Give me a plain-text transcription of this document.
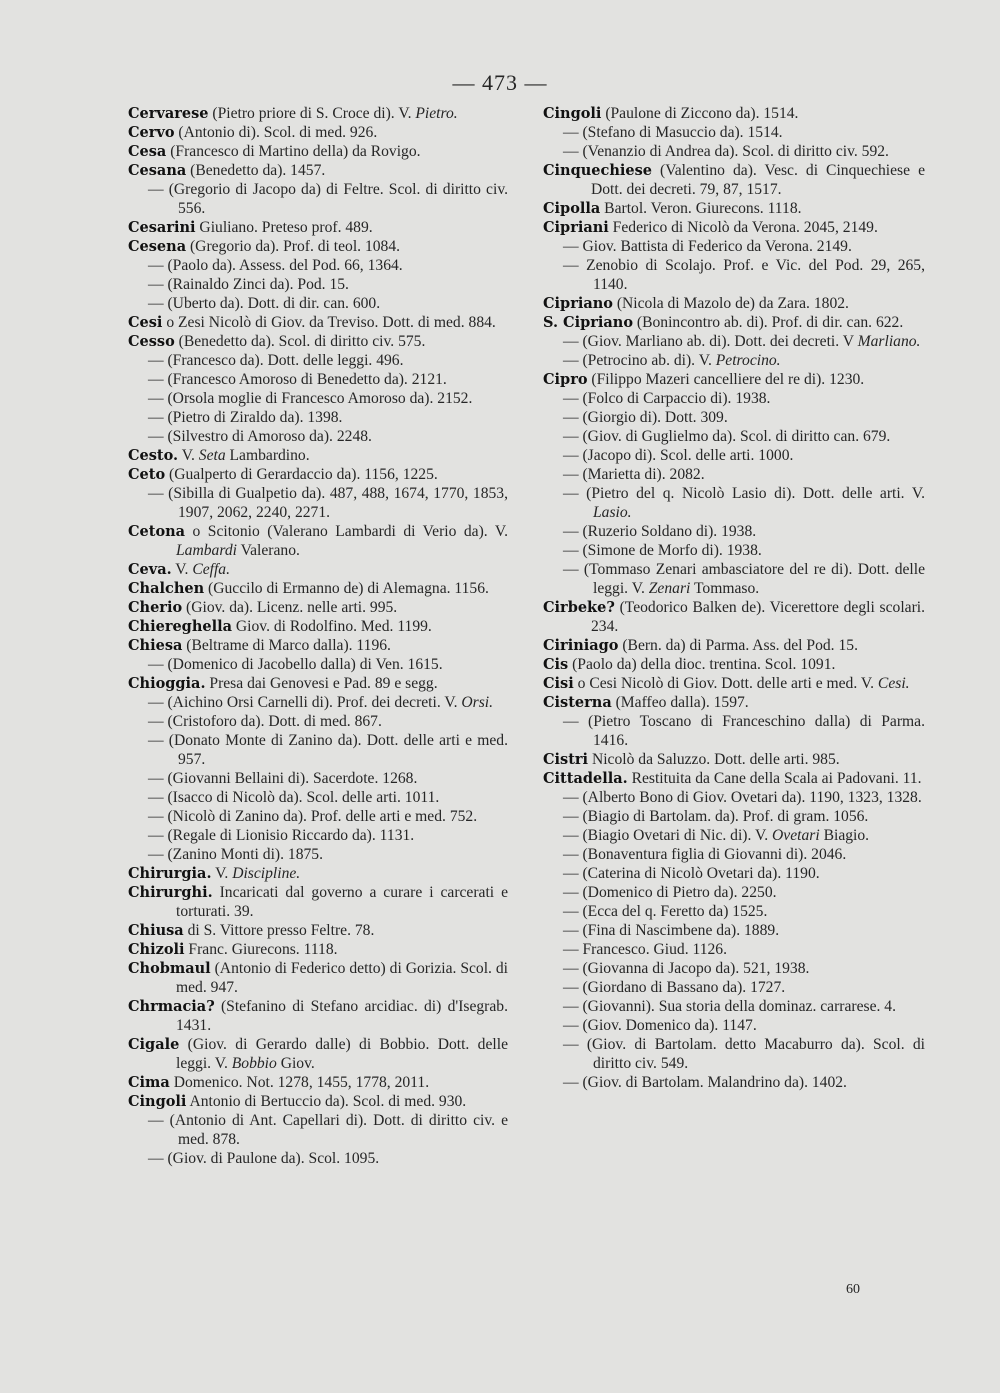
— 473 —
Cervarese (Pietro priore di S. Croce di). V. Pietro.
Cervo (Antonio di). Scol. di med. 926.
Cesa (Francesco di Martino della) da Rovigo.
Cesana (Benedetto da). 1457.
— (Gregorio di Jacopo da) di Feltre. Scol. di diritto civ. 556.
Cesarini Giuliano. Preteso prof. 489.
Cesena (Gregorio da). Prof. di teol. 1084.
— (Paolo da). Assess. del Pod. 66, 1364.
— (Rainaldo Zinci da). Pod. 15.
— (Uberto da). Dott. di dir. can. 600.
Cesi o Zesi Nicolò di Giov. da Treviso. Dott. di med. 884.
Cesso (Benedetto da). Scol. di diritto civ. 575.
— (Francesco da). Dott. delle leggi. 496.
— (Francesco Amoroso di Benedetto da). 2121.
— (Orsola moglie di Francesco Amoroso da). 2152.
— (Pietro di Ziraldo da). 1398.
— (Silvestro di Amoroso da). 2248.
Cesto. V. Seta Lambardino.
Ceto (Gualperto di Gerardaccio da). 1156, 1225.
— (Sibilla di Gualpetio da). 487, 488, 1674, 1770, 1853, 1907, 2062, 2240, 2271.
Cetona o Scitonio (Valerano Lambardi di Verio da). V. Lambardi Valerano.
Ceva. V. Ceffa.
Chalchen (Guccilo di Ermanno de) di Alemagna. 1156.
Cherio (Giov. da). Licenz. nelle arti. 995.
Chiereghella Giov. di Rodolfino. Med. 1199.
Chiesa (Beltrame di Marco dalla). 1196.
— (Domenico di Jacobello dalla) di Ven. 1615.
Chioggia. Presa dai Genovesi e Pad. 89 e segg.
— (Aichino Orsi Carnelli di). Prof. dei decreti. V. Orsi.
— (Cristoforo da). Dott. di med. 867.
— (Donato Monte di Zanino da). Dott. delle arti e med. 957.
— (Giovanni Bellaini di). Sacerdote. 1268.
— (Isacco di Nicolò da). Scol. delle arti. 1011.
— (Nicolò di Zanino da). Prof. delle arti e med. 752.
— (Regale di Lionisio Riccardo da). 1131.
— (Zanino Monti di). 1875.
Chirurgia. V. Discipline.
Chirurghi. Incaricati dal governo a curare i carcerati e torturati. 39.
Chiusa di S. Vittore presso Feltre. 78.
Chizoli Franc. Giurecons. 1118.
Chobmaul (Antonio di Federico detto) di Gorizia. Scol. di med. 947.
Chrmacia? (Stefanino di Stefano arcidiac. di) d'Isegrab. 1431.
Cigale (Giov. di Gerardo dalle) di Bobbio. Dott. delle leggi. V. Bobbio Giov.
Cima Domenico. Not. 1278, 1455, 1778, 2011.
Cingoli Antonio di Bertuccio da). Scol. di med. 930.
— (Antonio di Ant. Capellari di). Dott. di diritto civ. e med. 878.
— (Giov. di Paulone da). Scol. 1095.
Cingoli (Paulone di Ziccono da). 1514.
— (Stefano di Masuccio da). 1514.
— (Venanzio di Andrea da). Scol. di diritto civ. 592.
Cinquechiese (Valentino da). Vesc. di Cinquechiese e Dott. dei decreti. 79, 87, 1517.
Cipolla Bartol. Veron. Giurecons. 1118.
Cipriani Federico di Nicolò da Verona. 2045, 2149.
— Giov. Battista di Federico da Verona. 2149.
— Zenobio di Scolajo. Prof. e Vic. del Pod. 29, 265, 1140.
Cipriano (Nicola di Mazolo de) da Zara. 1802.
S. Cipriano (Bonincontro ab. di). Prof. di dir. can. 622.
— (Giov. Marliano ab. di). Dott. dei decreti. V Marliano.
— (Petrocino ab. di). V. Petrocino.
Cipro (Filippo Mazeri cancelliere del re di). 1230.
— (Folco di Carpaccio di). 1938.
— (Giorgio di). Dott. 309.
— (Giov. di Guglielmo da). Scol. di diritto can. 679.
— (Jacopo di). Scol. delle arti. 1000.
— (Marietta di). 2082.
— (Pietro del q. Nicolò Lasio di). Dott. delle arti. V. Lasio.
— (Ruzerio Soldano di). 1938.
— (Simone de Morfo di). 1938.
— (Tommaso Zenari ambasciatore del re di). Dott. delle leggi. V. Zenari Tommaso.
Cirbeke? (Teodorico Balken de). Vicerettore degli scolari. 234.
Ciriniago (Bern. da) di Parma. Ass. del Pod. 15.
Cis (Paolo da) della dioc. trentina. Scol. 1091.
Cisi o Cesi Nicolò di Giov. Dott. delle arti e med. V. Cesi.
Cisterna (Maffeo dalla). 1597.
— (Pietro Toscano di Franceschino dalla) di Parma. 1416.
Cistri Nicolò da Saluzzo. Dott. delle arti. 985.
Cittadella. Restituita da Cane della Scala ai Padovani. 11.
— (Alberto Bono di Giov. Ovetari da). 1190, 1323, 1328.
— (Biagio di Bartolam. da). Prof. di gram. 1056.
— (Biagio Ovetari di Nic. di). V. Ovetari Biagio.
— (Bonaventura figlia di Giovanni di). 2046.
— (Caterina di Nicolò Ovetari da). 1190.
— (Domenico di Pietro da). 2250.
— (Ecca del q. Feretto da) 1525.
— (Fina di Nascimbene da). 1889.
— Francesco. Giud. 1126.
— (Giovanna di Jacopo da). 521, 1938.
— (Giordano di Bassano da). 1727.
— (Giovanni). Sua storia della dominaz. carrarese. 4.
— (Giov. Domenico da). 1147.
— (Giov. di Bartolam. detto Macaburro da). Scol. di diritto civ. 549.
— (Giov. di Bartolam. Malandrino da). 1402.
60
